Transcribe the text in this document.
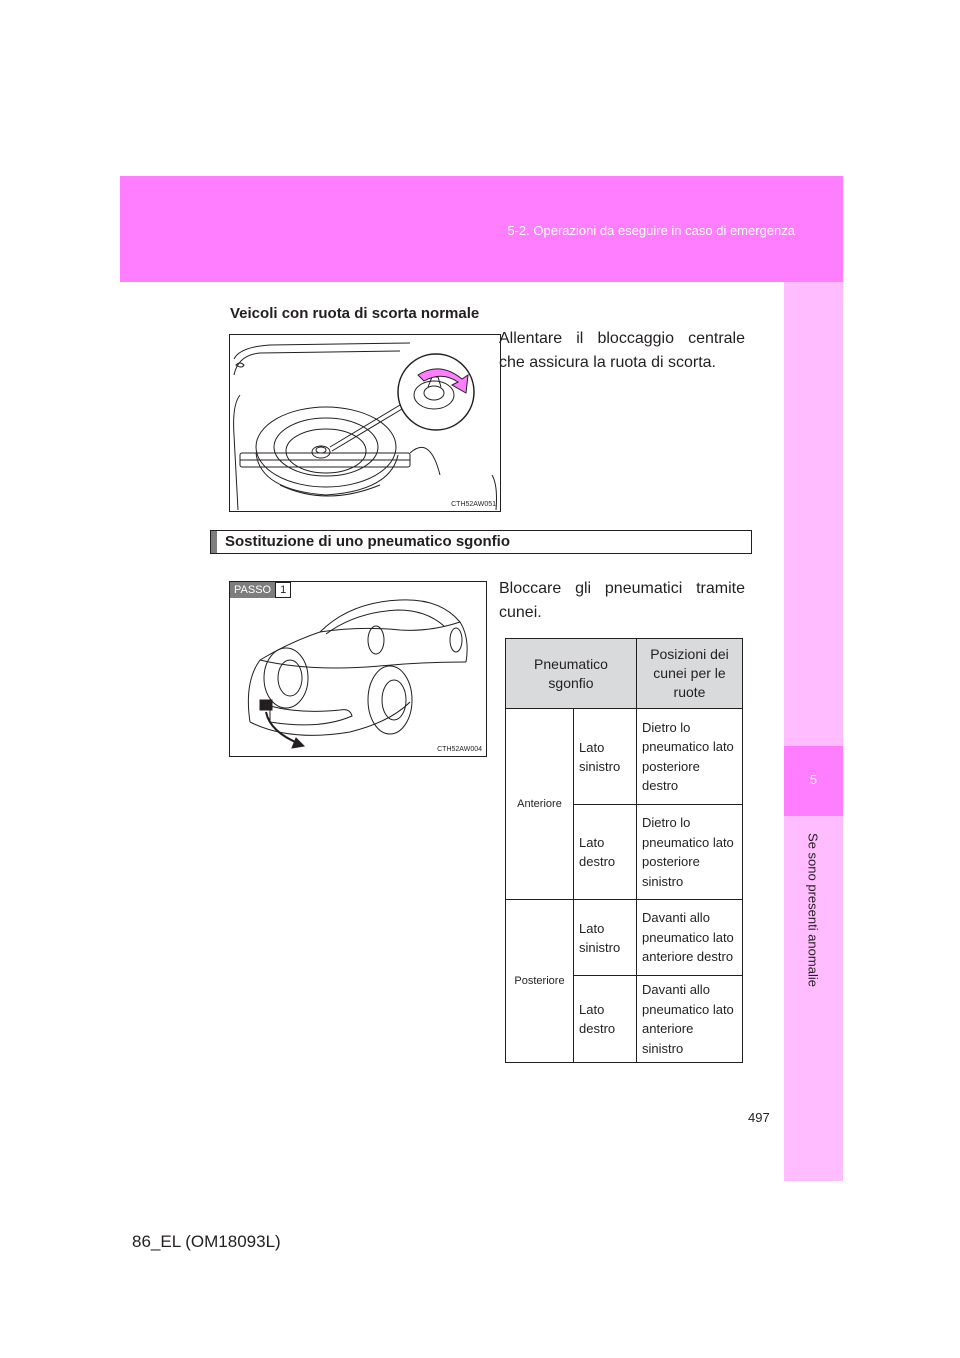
5-2. Operazioni da eseguire in caso di emergenza
5
Se sono presenti anomalie
Veicoli con ruota di scorta normale
CTH52AW051
Allentare il bloccaggio centrale che assicura la ruota di scorta.
Sostituzione di uno pneumatico sgonfio
PASSO 1
CTH52AW004
Bloccare gli pneumatici tramite cunei.
Pneumatico sgonfio		Posizioni dei cunei per le ruote
Anteriore	Lato sinistro	Dietro lo pneumatico lato posteriore destro
	Lato destro	Dietro lo pneumatico lato posteriore sinistro
Posteriore	Lato sinistro	Davanti allo pneumatico lato anteriore destro
	Lato destro	Davanti allo pneumatico lato anteriore sinistro
497
86_EL (OM18093L)
